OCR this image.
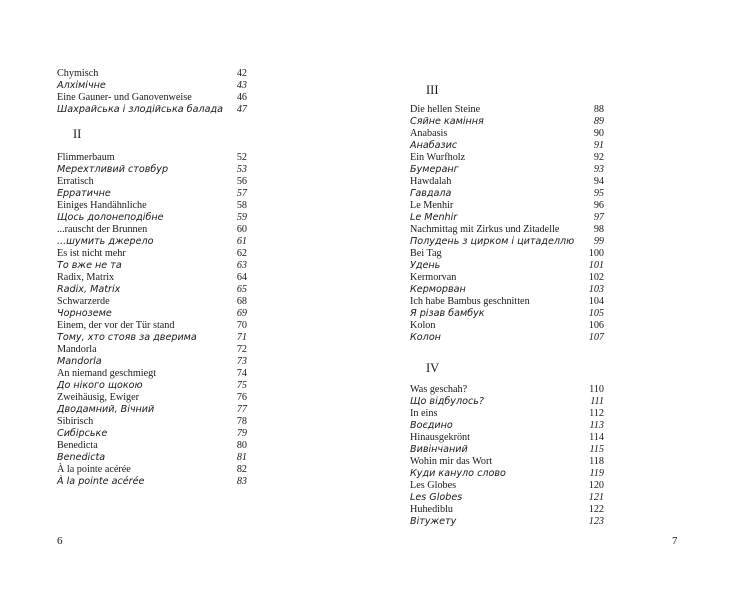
Chymisch	42
Алхімічне	43
Eine Gauner- und Ganovenweise	46
Шахрайська і злодійська балада 47
II
Flimmerbaum	52
Мерехтливий стовбур	53
Erratisch	56
Ерратичне	57
Einiges Handähnliche	58
Щось долонеподібне	59
...rauscht der Brunnen	60
...шумить джерело	61
Es ist nicht mehr	62
То вже не та	63
Radix, Matrix	64
Radix, Matrix	65
Schwarzerde	68
Чорноземе	69
Einem, der vor der Tür stand	70
Тому, хто стояв за дверима	71
Mandorla	72
Mandorla	73
An niemand geschmiegt	74
До нікого щокою	75
Zweihäusig, Ewiger	76
Дводамний, Вічний	77
Sibirisch	78
Сибірське	79
Benedicta	80
Benedicta	81
À la pointe acérée	82
À la pointe acérée	83
III
Die hellen Steine	88
Сяйне каміння	89
Anabasis	90
Анабазис	91
Ein Wurfholz	92
Бумеранг	93
Hawdalah	94
Гавдала	95
Le Menhir	96
Le Menhir	97
Nachmittag mit Zirkus und Zitadelle	98
Полудень з цирком і цитаделлю 99
Bei Tag	100
Удень	101
Kermorvan	102
Керморван	103
Ich habe Bambus geschnitten	104
Я різав бамбук	105
Kolon	106
Колон	107
IV
Was geschah?	110
Що відбулось?	111
In eins	112
Воєдино	113
Hinausgekrönt	114
Вивінчаний	115
Wohin mir das Wort	118
Куди кануло слово	119
Les Globes	120
Les Globes	121
Huhediblu	122
Вітужету	123
6	7
